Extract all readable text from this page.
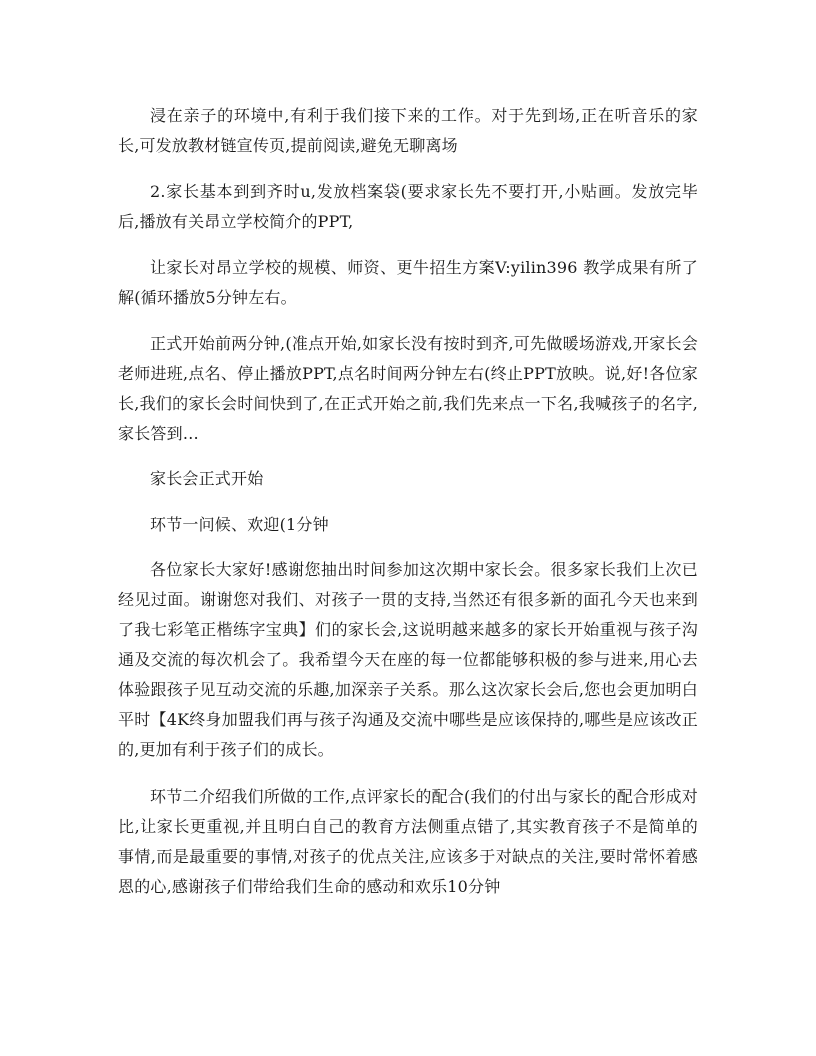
浸在亲子的环境中,有利于我们接下来的工作。对于先到场,正在听音乐的家长,可发放教材链宣传页,提前阅读,避免无聊离场

2.家长基本到到齐时u,发放档案袋(要求家长先不要打开,小贴画。发放完毕后,播放有关昂立学校简介的PPT,

让家长对昂立学校的规模、师资、更牛招生方案V:yilin396 教学成果有所了解(循环播放5分钟左右。

正式开始前两分钟,(准点开始,如家长没有按时到齐,可先做暖场游戏,开家长会老师进班,点名、停止播放PPT,点名时间两分钟左右(终止PPT放映。说,好!各位家长,我们的家长会时间快到了,在正式开始之前,我们先来点一下名,我喊孩子的名字,家长答到…

家长会正式开始

环节一问候、欢迎(1分钟

各位家长大家好!感谢您抽出时间参加这次期中家长会。很多家长我们上次已经见过面。谢谢您对我们、对孩子一贯的支持,当然还有很多新的面孔今天也来到了我七彩笔正楷练字宝典】们的家长会,这说明越来越多的家长开始重视与孩子沟通及交流的每次机会了。我希望今天在座的每一位都能够积极的参与进来,用心去体验跟孩子见互动交流的乐趣,加深亲子关系。那么这次家长会后,您也会更加明白平时【4K终身加盟我们再与孩子沟通及交流中哪些是应该保持的,哪些是应该改正的,更加有利于孩子们的成长。

环节二介绍我们所做的工作,点评家长的配合(我们的付出与家长的配合形成对比,让家长更重视,并且明白自己的教育方法侧重点错了,其实教育孩子不是简单的事情,而是最重要的事情,对孩子的优点关注,应该多于对缺点的关注,要时常怀着感恩的心,感谢孩子们带给我们生命的感动和欢乐10分钟
